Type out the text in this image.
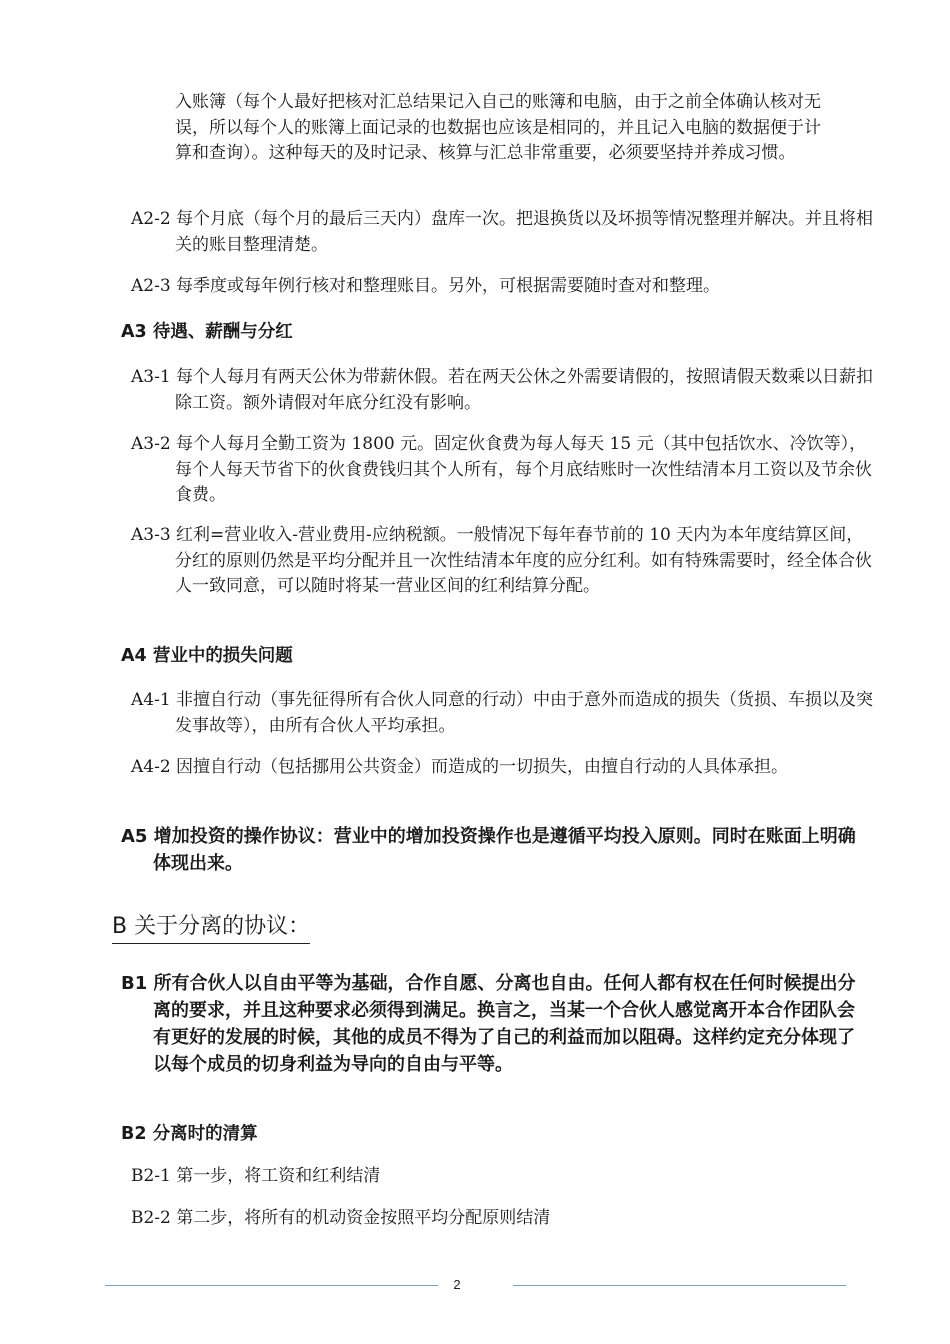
入账簿（每个人最好把核对汇总结果记入自己的账簿和电脑，由于之前全体确认核对无误，所以每个人的账簿上面记录的也数据也应该是相同的，并且记入电脑的数据便于计算和查询）。这种每天的及时记录、核算与汇总非常重要，必须要坚持并养成习惯。

A2-2 每个月底（每个月的最后三天内）盘库一次。把退换货以及坏损等情况整理并解决。并且将相关的账目整理清楚。

A2-3 每季度或每年例行核对和整理账目。另外，可根据需要随时查对和整理。

A3 待遇、薪酬与分红

A3-1 每个人每月有两天公休为带薪休假。若在两天公休之外需要请假的，按照请假天数乘以日薪扣除工资。额外请假对年底分红没有影响。

A3-2 每个人每月全勤工资为 1800 元。固定伙食费为每人每天 15 元（其中包括饮水、冷饮等），每个人每天节省下的伙食费钱归其个人所有，每个月底结账时一次性结清本月工资以及节余伙食费。

A3-3 红利=营业收入-营业费用-应纳税额。一般情况下每年春节前的 10 天内为本年度结算区间，分红的原则仍然是平均分配并且一次性结清本年度的应分红利。如有特殊需要时，经全体合伙人一致同意，可以随时将某一营业区间的红利结算分配。

A4 营业中的损失问题

A4-1 非擅自行动（事先征得所有合伙人同意的行动）中由于意外而造成的损失（货损、车损以及突发事故等），由所有合伙人平均承担。

A4-2 因擅自行动（包括挪用公共资金）而造成的一切损失，由擅自行动的人具体承担。

A5 增加投资的操作协议：营业中的增加投资操作也是遵循平均投入原则。同时在账面上明确体现出来。

B 关于分离的协议：

B1 所有合伙人以自由平等为基础，合作自愿、分离也自由。任何人都有权在任何时候提出分离的要求，并且这种要求必须得到满足。换言之，当某一个合伙人感觉离开本合作团队会有更好的发展的时候，其他的成员不得为了自己的利益而加以阻碍。这样约定充分体现了以每个成员的切身利益为导向的自由与平等。

B2 分离时的清算

B2-1 第一步，将工资和红利结清

B2-2 第二步，将所有的机动资金按照平均分配原则结清

2
